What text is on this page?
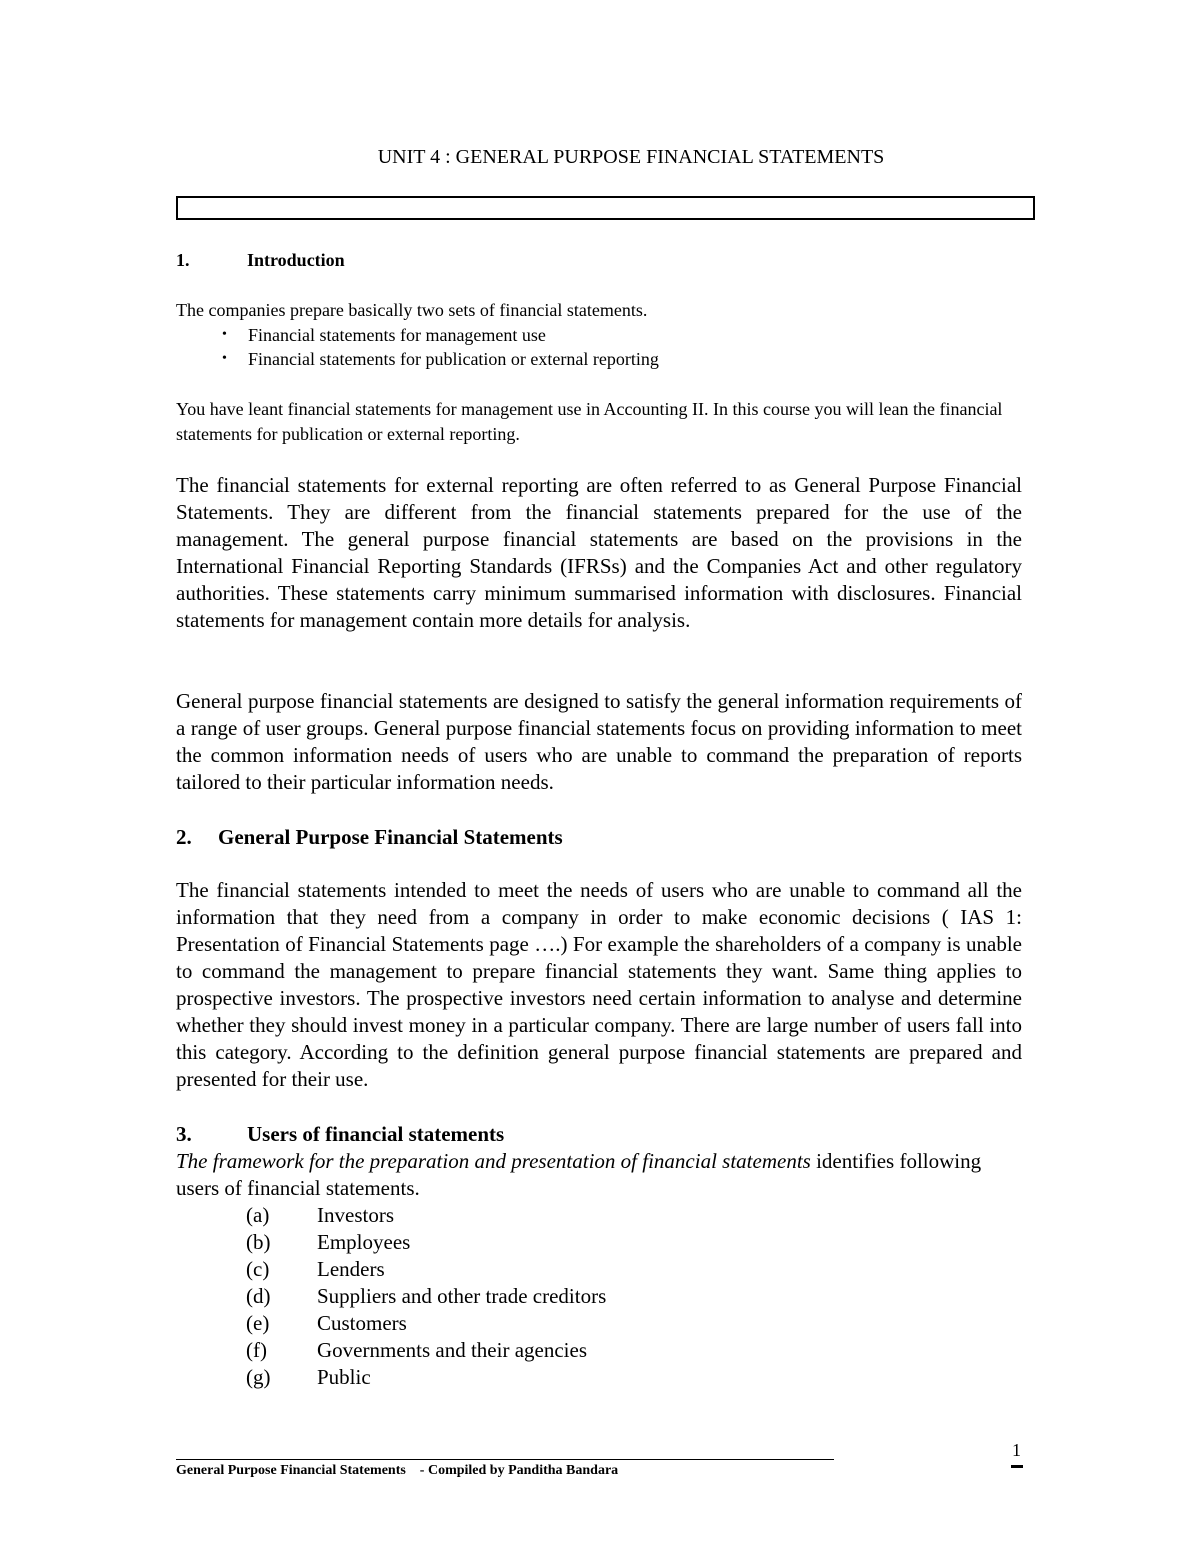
UNIT 4 : GENERAL PURPOSE FINANCIAL STATEMENTS
1.	Introduction
The companies prepare basically two sets of financial statements.
• Financial statements for management use
• Financial statements for publication or external reporting
You have leant financial statements for management use in Accounting II. In this course you will lean the financial statements for publication or external reporting.
The financial statements for external reporting are often referred to as General Purpose Financial Statements. They are different from the financial statements prepared for the use of the management. The general purpose financial statements are based on the provisions in the International Financial Reporting Standards (IFRSs) and the Companies Act and other regulatory authorities. These statements carry minimum summarised information with disclosures. Financial statements for management contain more details for analysis.
General purpose financial statements are designed to satisfy the general information requirements of a range of user groups. General purpose financial statements focus on providing information to meet the common information needs of users who are unable to command the preparation of reports tailored to their particular information needs.
2. General Purpose Financial Statements
The financial statements intended to meet the needs of users who are unable to command all the information that they need from a company in order to make economic decisions ( IAS 1: Presentation of Financial Statements page ….) For example the shareholders of a company is unable to command the management to prepare financial statements they want. Same thing applies to prospective investors. The prospective investors need certain information to analyse and determine whether they should invest money in a particular company. There are large number of users fall into this category. According to the definition general purpose financial statements are prepared and presented for their use.
3.	Users of financial statements
The framework for the preparation and presentation of financial statements identifies following users of financial statements.
(a) Investors
(b) Employees
(c) Lenders
(d) Suppliers and other trade creditors
(e) Customers
(f) Governments and their agencies
(g) Public
General Purpose Financial Statements    - Compiled by Panditha Bandara
1
